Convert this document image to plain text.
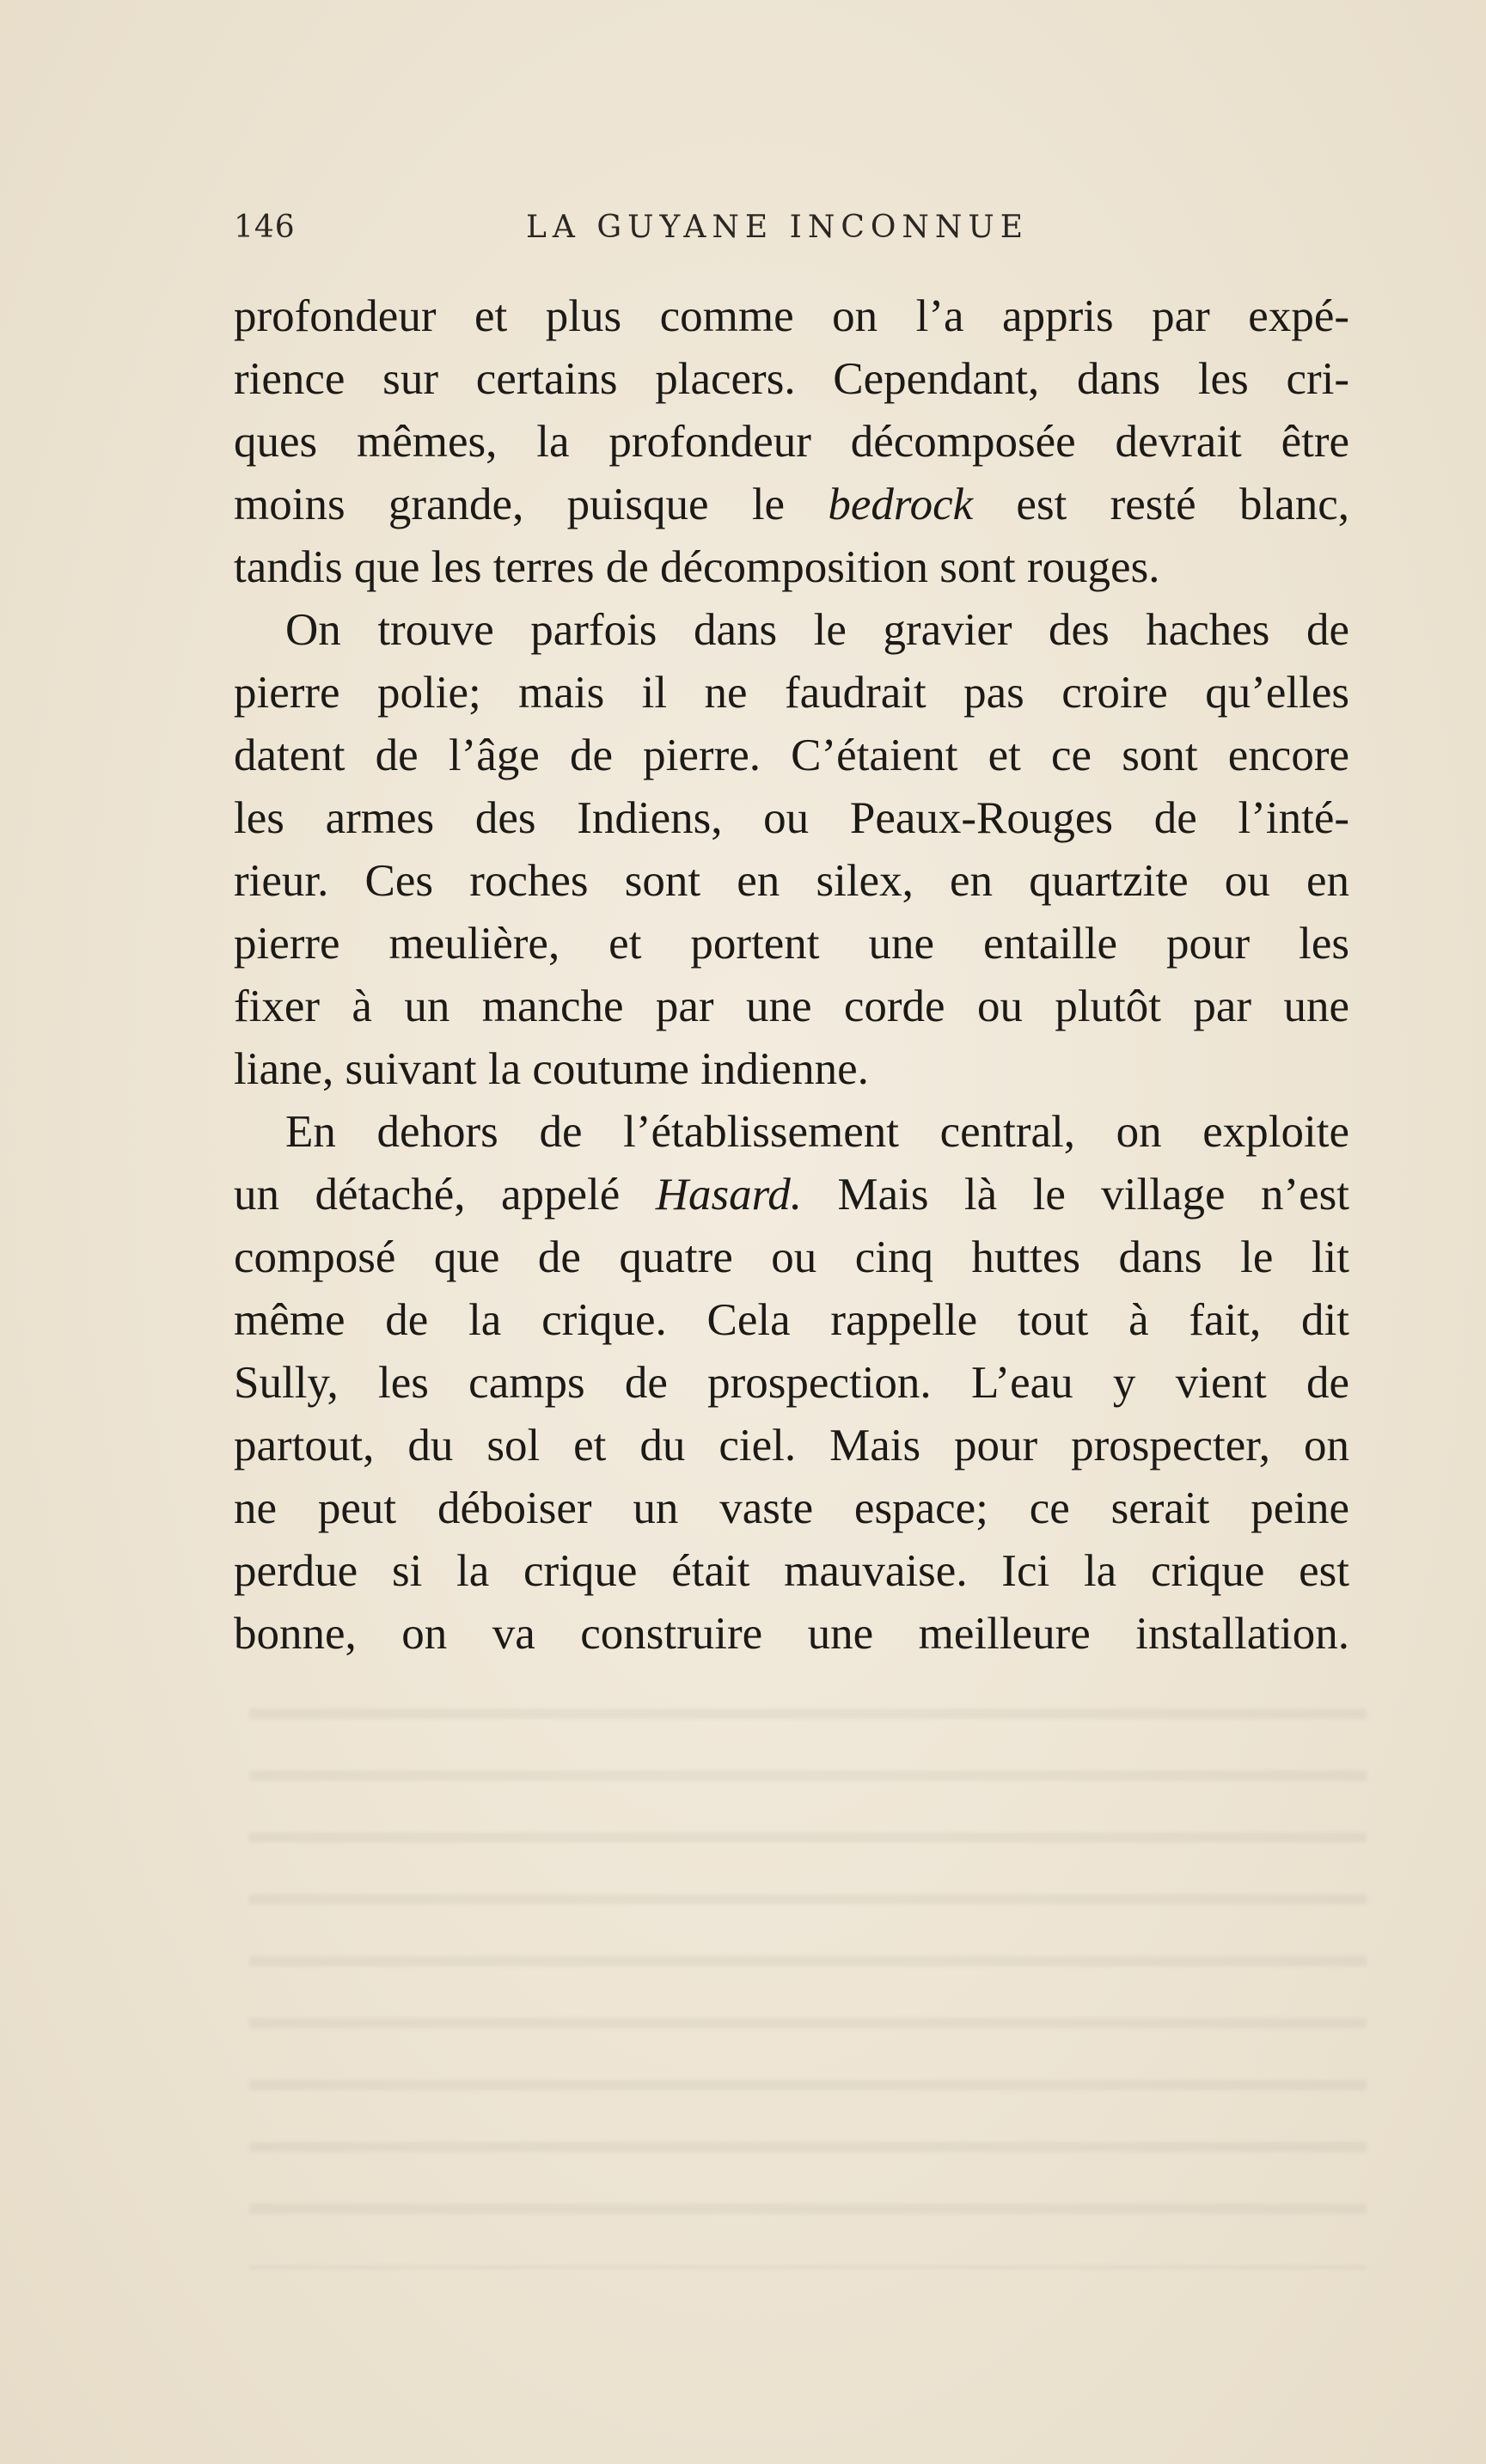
146	LA GUYANE INCONNUE
profondeur et plus comme on l’a appris par expé-
rience sur certains placers. Cependant, dans les cri-
ques mêmes, la profondeur décomposée devrait être
moins grande, puisque le bedrock est resté blanc,
tandis que les terres de décomposition sont rouges.
On trouve parfois dans le gravier des haches de
pierre polie; mais il ne faudrait pas croire qu’elles
datent de l’âge de pierre. C’étaient et ce sont encore
les armes des Indiens, ou Peaux-Rouges de l’inté-
rieur. Ces roches sont en silex, en quartzite ou en
pierre meulière, et portent une entaille pour les
fixer à un manche par une corde ou plutôt par une
liane, suivant la coutume indienne.
En dehors de l’établissement central, on exploite
un détaché, appelé Hasard. Mais là le village n’est
composé que de quatre ou cinq huttes dans le lit
même de la crique. Cela rappelle tout à fait, dit
Sully, les camps de prospection. L’eau y vient de
partout, du sol et du ciel. Mais pour prospecter, on
ne peut déboiser un vaste espace; ce serait peine
perdue si la crique était mauvaise. Ici la crique est
bonne, on va construire une meilleure installation.
